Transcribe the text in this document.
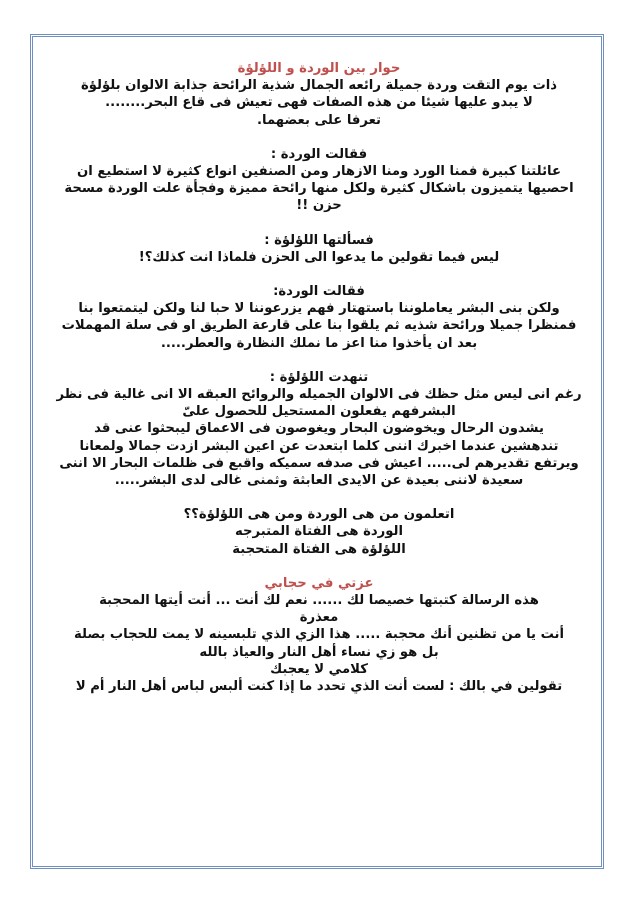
حوار بين الوردة و اللؤلؤة

ذات يوم التقت وردة جميلة رائعه الجمال شذية الرائحة جذابة الالوان بلؤلؤة

لا يبدو عليها شيئا من هذه الصفات فهى تعيش فى قاع البحر........

تعرفا على بعضهما.

فقالت الوردة :

عائلتنا كبيرة فمنا الورد ومنا الازهار ومن الصنفين انواع كثيرة لا استطيع ان

احصيها يتميزون باشكال كثيرة ولكل منها رائحة مميزة وفجأة علت الوردة مسحة

حزن !!

فسألتها اللؤلؤة :

ليس فيما تقولين ما يدعوا الى الحزن فلماذا انت كذلك؟!

فقالت الوردة:

ولكن بنى البشر يعاملوننا باستهتار فهم يزرعوننا لا حبا لنا ولكن ليتمتعوا بنا

فمنظرا جميلا ورائحة شذيه ثم يلقوا بنا على قارعة الطريق او فى سلة المهملات

بعد ان يأخذوا منا اعز ما نملك النظارة والعطر.....

تنهدت اللؤلؤة :

رغم انى ليس مثل حظك فى الالوان الجميله والروائح العبقه الا انى غالية فى نظر

البشرفهم يفعلون المستحيل للحصول علىّ

يشدون الرحال ويخوضون البحار ويغوصون فى الاعماق ليبحثوا عنى قد

تندهشين عندما اخبرك اننى كلما ابتعدت عن اعين البشر ازدت جمالا ولمعانا

ويرتفع تقديرهم لى..... اعيش فى صدفه سميكه واقبع فى ظلمات البحار الا اننى

سعيدة لاننى بعيدة عن الايدى العابثة وثمنى غالى لدى البشر.....

اتعلمون من هى الوردة ومن هى اللؤلؤة؟؟

الوردة هى الفتاة المتبرجه

اللؤلؤة هى الفتاة المتحجبة

عزتي في حجابي

هذه الرسالة كتبتها خصيصا لك ...... نعم لك أنت ... أنت أيتها المحجبة

معذرة

أنت يا من تظنين أنك محجبة ..... هذا الزي الذي تلبسينه لا يمت للحجاب بصلة

بل هو زي نساء أهل النار والعياذ بالله

كلامي لا يعجبك

تقولين في بالك : لست أنت الذي تحدد ما إذا كنت ألبس لباس أهل النار أم لا
